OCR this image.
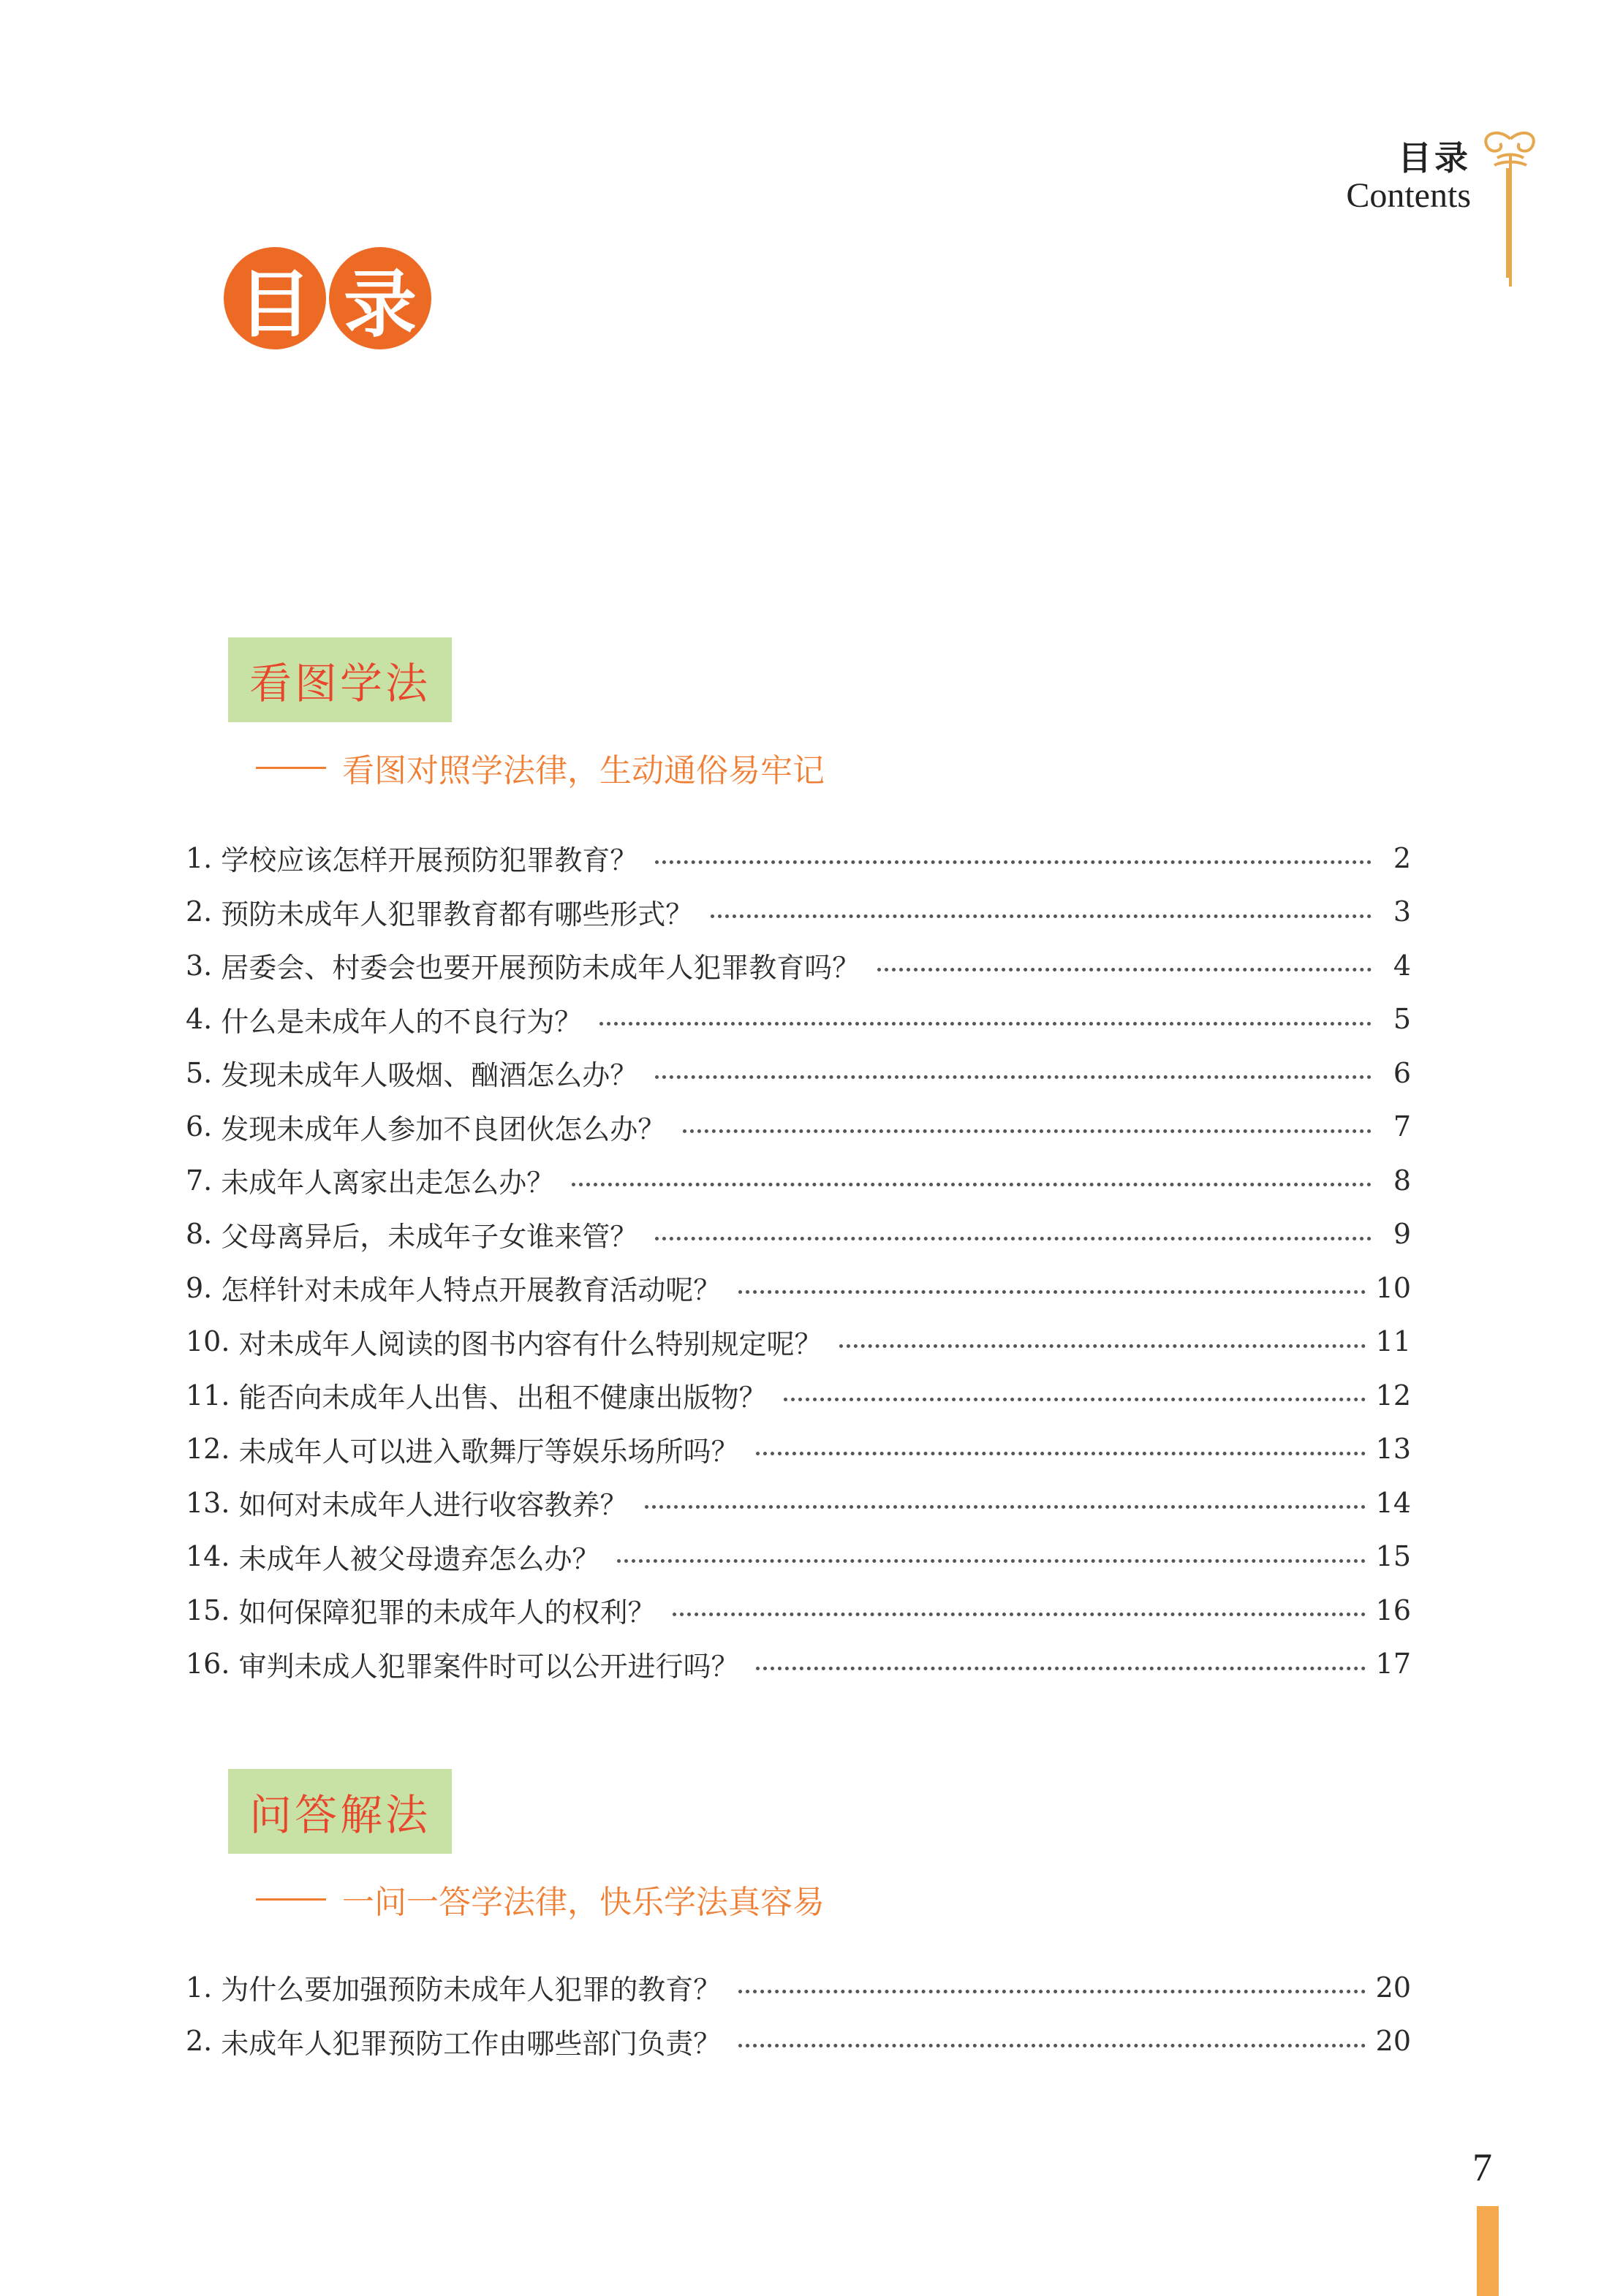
目录
Contents
目 录
看图学法
看图对照学法律，生动通俗易牢记
1. 学校应该怎样开展预防犯罪教育？	2
2. 预防未成年人犯罪教育都有哪些形式？	3
3. 居委会、村委会也要开展预防未成年人犯罪教育吗？	4
4. 什么是未成年人的不良行为？	5
5. 发现未成年人吸烟、酗酒怎么办？	6
6. 发现未成年人参加不良团伙怎么办？	7
7. 未成年人离家出走怎么办？	8
8. 父母离异后，未成年子女谁来管？	9
9. 怎样针对未成年人特点开展教育活动呢？	10
10. 对未成年人阅读的图书内容有什么特别规定呢？	11
11. 能否向未成年人出售、出租不健康出版物？	12
12. 未成年人可以进入歌舞厅等娱乐场所吗？	13
13. 如何对未成年人进行收容教养？	14
14. 未成年人被父母遗弃怎么办？	15
15. 如何保障犯罪的未成年人的权利？	16
16. 审判未成人犯罪案件时可以公开进行吗？	17
问答解法
一问一答学法律，快乐学法真容易
1. 为什么要加强预防未成年人犯罪的教育？	20
2. 未成年人犯罪预防工作由哪些部门负责？	20
7
